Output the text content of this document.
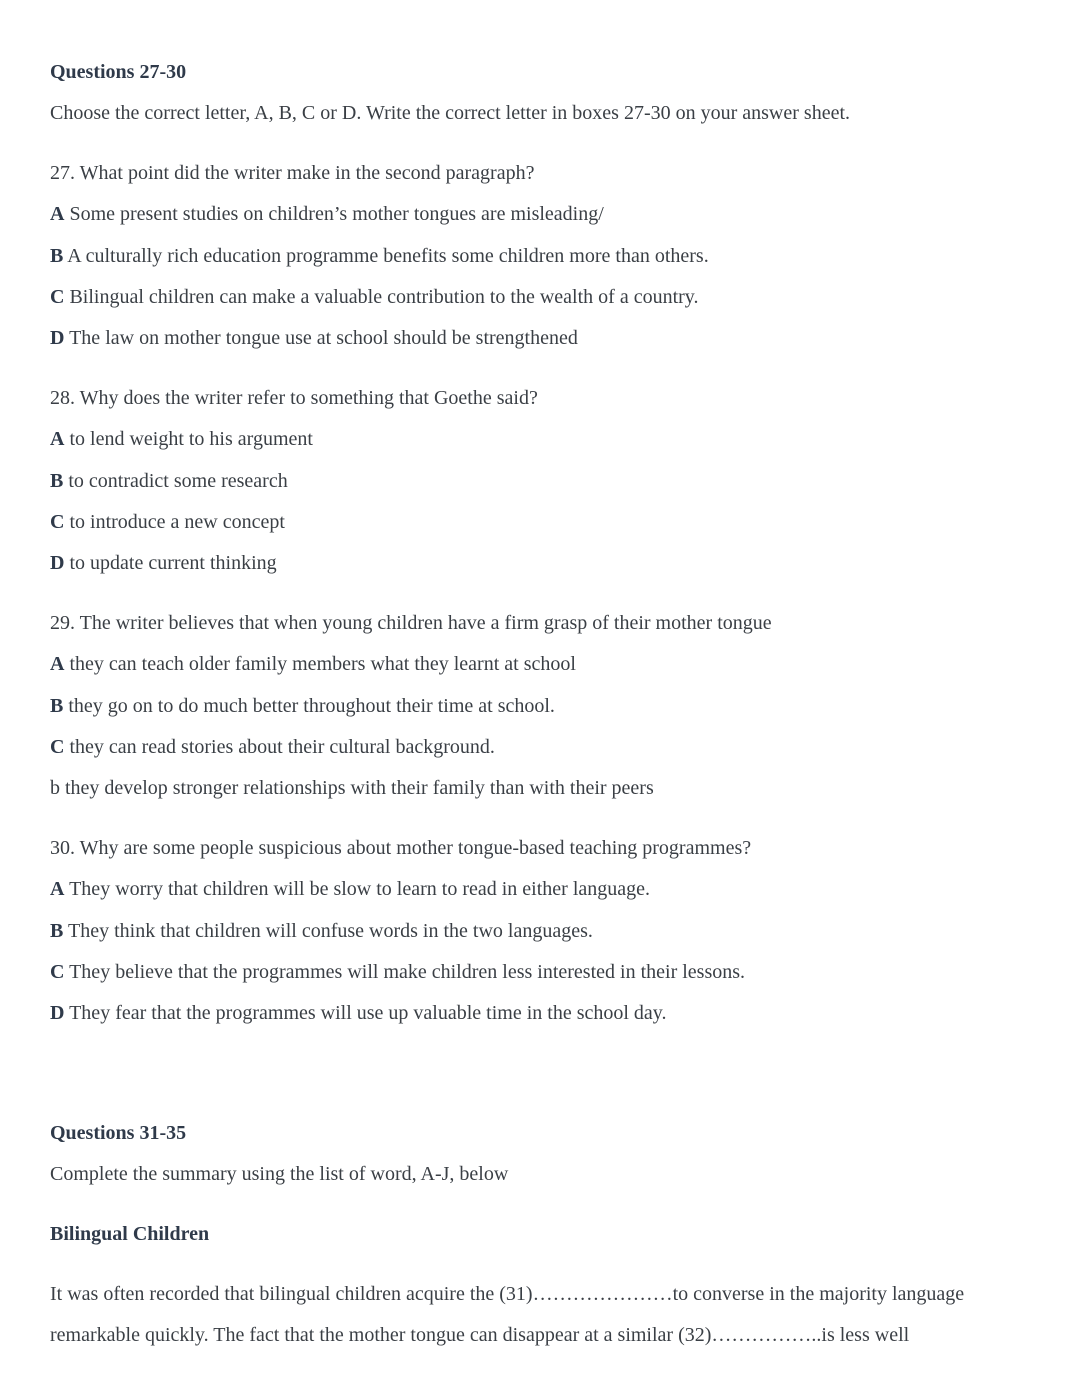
Questions 27-30
Choose the correct letter, A, B, C or D. Write the correct letter in boxes 27-30 on your answer sheet.
27. What point did the writer make in the second paragraph?
A Some present studies on children’s mother tongues are misleading/
B A culturally rich education programme benefits some children more than others.
C Bilingual children can make a valuable contribution to the wealth of a country.
D The law on mother tongue use at school should be strengthened
28. Why does the writer refer to something that Goethe said?
A to lend weight to his argument
B to contradict some research
C to introduce a new concept
D to update current thinking
29. The writer believes that when young children have a firm grasp of their mother tongue
A they can teach older family members what they learnt at school
B they go on to do much better throughout their time at school.
C they can read stories about their cultural background.
b they develop stronger relationships with their family than with their peers
30. Why are some people suspicious about mother tongue-based teaching programmes?
A They worry that children will be slow to learn to read in either language.
B They think that children will confuse words in the two languages.
C They believe that the programmes will make children less interested in their lessons.
D They fear that the programmes will use up valuable time in the school day.
Questions 31-35
Complete the summary using the list of word, A-J, below
Bilingual Children
It was often recorded that bilingual children acquire the (31)…………………to converse in the majority language
remarkable quickly. The fact that the mother tongue can disappear at a similar (32)……………..is less well
